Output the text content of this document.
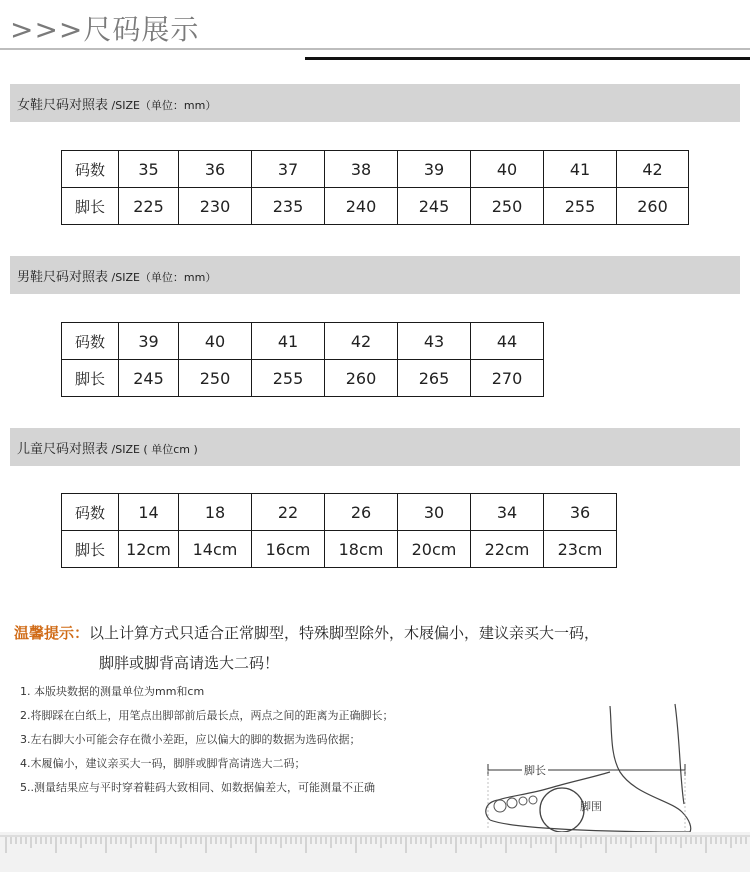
>>>尺码展示
女鞋尺码对照表 /SIZE（单位：mm）
码数	35	36	37	38	39	40	41	42
脚长	225	230	235	240	245	250	255	260
男鞋尺码对照表 /SIZE（单位：mm）
码数	39	40	41	42	43	44
脚长	245	250	255	260	265	270
儿童尺码对照表 /SIZE ( 单位cm )
码数	14	18	22	26	30	34	36
脚长	12cm	14cm	16cm	18cm	20cm	22cm	23cm
温馨提示：以上计算方式只适合正常脚型，特殊脚型除外，木屐偏小，建议亲买大一码，
脚胖或脚背高请选大二码！
1. 本版块数据的测量单位为mm和cm
2.将脚踩在白纸上，用笔点出脚部前后最长点，两点之间的距离为正确脚长；
3.左右脚大小可能会存在微小差距，应以偏大的脚的数据为选码依据；
4.木履偏小，建议亲买大一码，脚胖或脚背高请选大二码；
5..测量结果应与平时穿着鞋码大致相同、如数据偏差大，可能测量不正确
脚长
脚围
